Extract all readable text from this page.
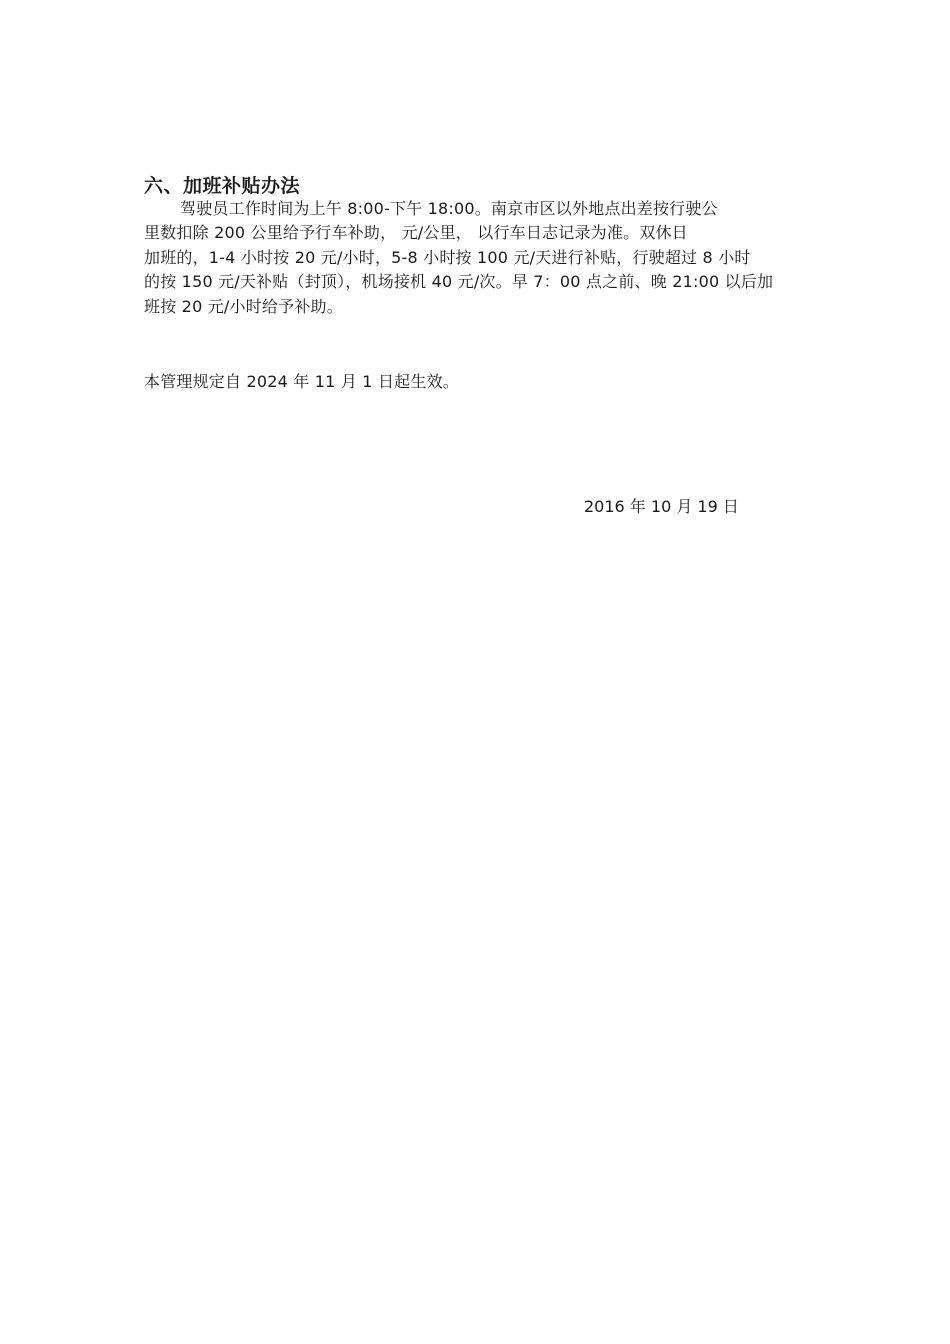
六、加班补贴办法
驾驶员工作时间为上午 8:00-下午 18:00。南京市区以外地点出差按行驶公
里数扣除 200 公里给予行车补助， 元/公里， 以行车日志记录为准。双休日
加班的，1-4 小时按 20 元/小时，5-8 小时按 100 元/天进行补贴，行驶超过 8 小时
的按 150 元/天补贴（封顶），机场接机 40 元/次。早 7：00 点之前、晚 21:00 以后加
班按 20 元/小时给予补助。
本管理规定自 2024 年 11 月 1 日起生效。
2016 年 10 月 19 日
